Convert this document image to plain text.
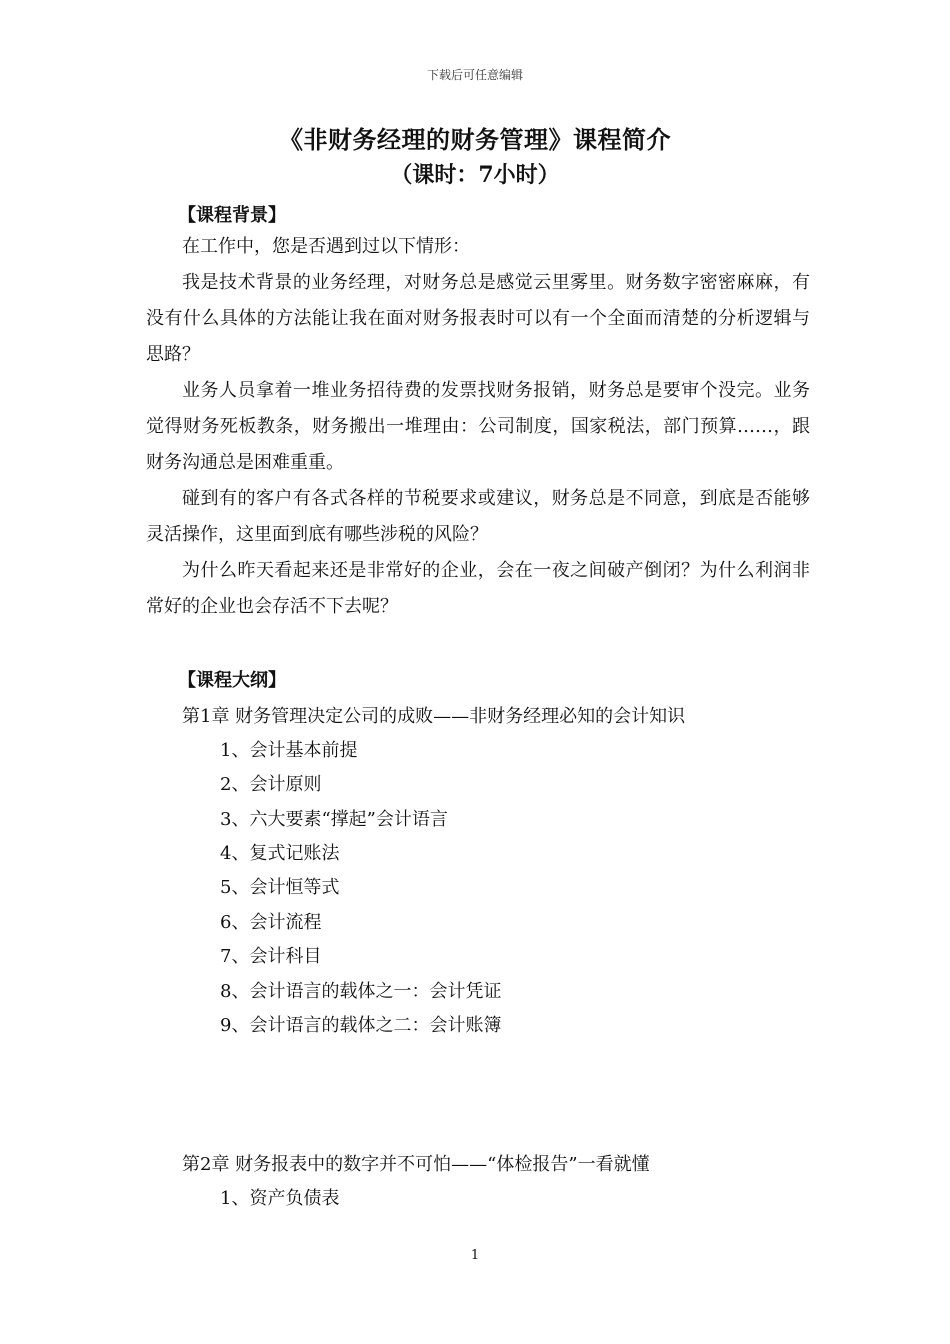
下载后可任意编辑
《非财务经理的财务管理》课程简介
（课时：7小时）
【课程背景】
在工作中，您是否遇到过以下情形：
我是技术背景的业务经理，对财务总是感觉云里雾里。财务数字密密麻麻，有没有什么具体的方法能让我在面对财务报表时可以有一个全面而清楚的分析逻辑与思路？
业务人员拿着一堆业务招待费的发票找财务报销，财务总是要审个没完。业务觉得财务死板教条，财务搬出一堆理由：公司制度，国家税法，部门预算……，跟财务沟通总是困难重重。
碰到有的客户有各式各样的节税要求或建议，财务总是不同意，到底是否能够灵活操作，这里面到底有哪些涉税的风险？
为什么昨天看起来还是非常好的企业，会在一夜之间破产倒闭？为什么利润非常好的企业也会存活不下去呢？
【课程大纲】
第1章 财务管理决定公司的成败——非财务经理必知的会计知识
1、会计基本前提
2、会计原则
3、六大要素“撑起”会计语言
4、复式记账法
5、会计恒等式
6、会计流程
7、会计科目
8、会计语言的载体之一：会计凭证
9、会计语言的载体之二：会计账簿
第2章 财务报表中的数字并不可怕——“体检报告”一看就懂
1、资产负债表
1
